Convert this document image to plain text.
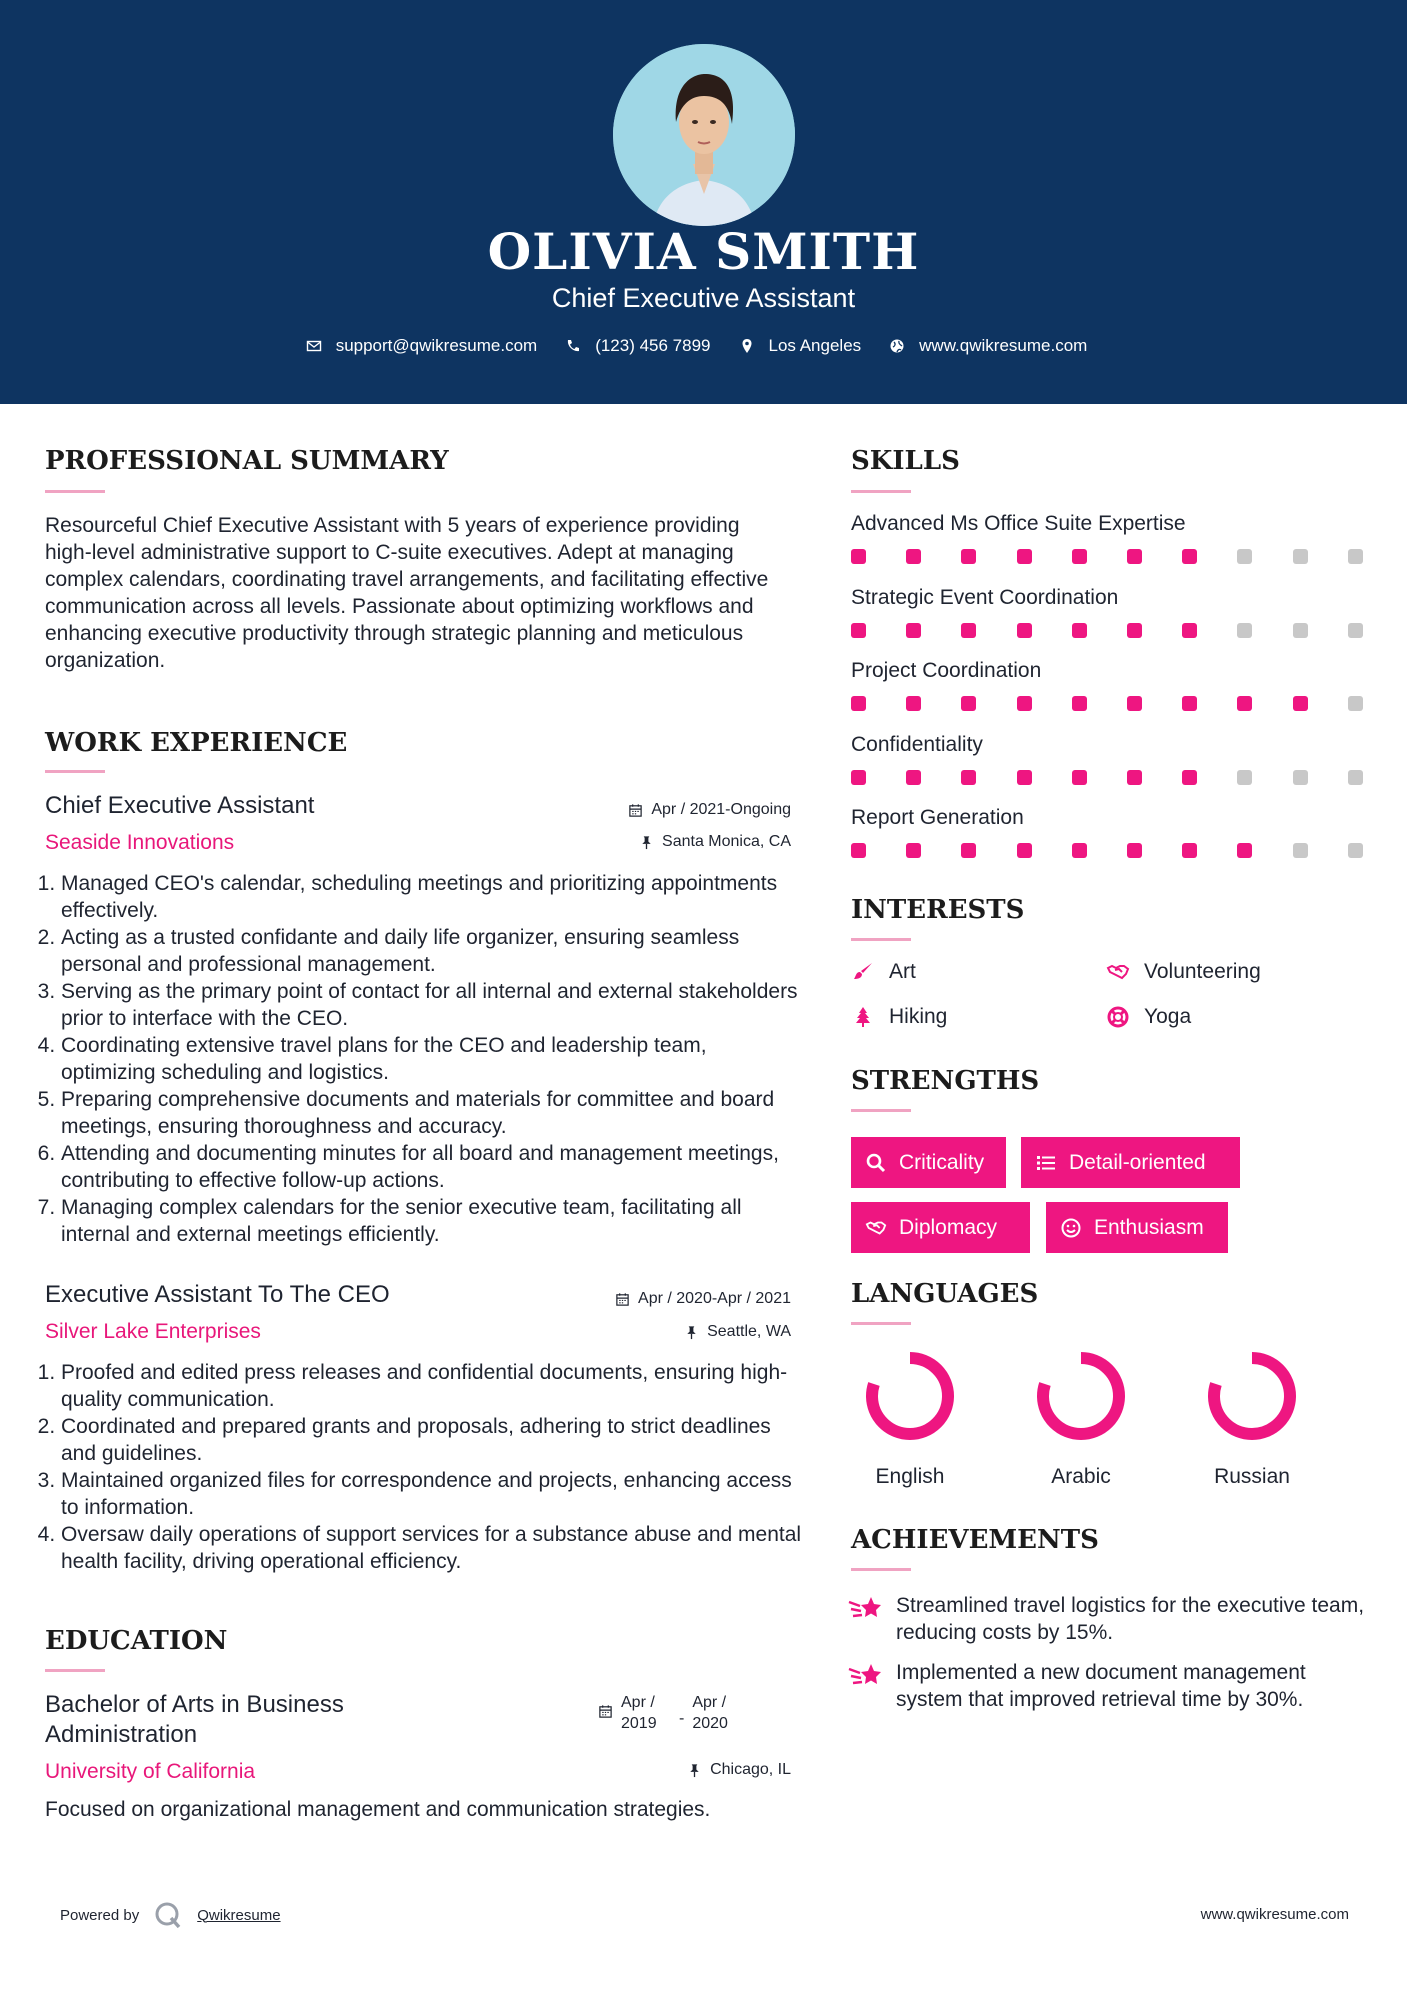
OLIVIA SMITH
Chief Executive Assistant
support@qwikresume.com	(123) 456 7899	Los Angeles	www.qwikresume.com
PROFESSIONAL SUMMARY
Resourceful Chief Executive Assistant with 5 years of experience providing high-level administrative support to C-suite executives. Adept at managing complex calendars, coordinating travel arrangements, and facilitating effective communication across all levels. Passionate about optimizing workflows and enhancing executive productivity through strategic planning and meticulous organization.
WORK EXPERIENCE
Chief Executive Assistant	Apr / 2021-Ongoing
Seaside Innovations	Santa Monica, CA
1. Managed CEO's calendar, scheduling meetings and prioritizing appointments effectively.
2. Acting as a trusted confidante and daily life organizer, ensuring seamless personal and professional management.
3. Serving as the primary point of contact for all internal and external stakeholders prior to interface with the CEO.
4. Coordinating extensive travel plans for the CEO and leadership team, optimizing scheduling and logistics.
5. Preparing comprehensive documents and materials for committee and board meetings, ensuring thoroughness and accuracy.
6. Attending and documenting minutes for all board and management meetings, contributing to effective follow-up actions.
7. Managing complex calendars for the senior executive team, facilitating all internal and external meetings efficiently.
Executive Assistant To The CEO	Apr / 2020-Apr / 2021
Silver Lake Enterprises	Seattle, WA
1. Proofed and edited press releases and confidential documents, ensuring high-quality communication.
2. Coordinated and prepared grants and proposals, adhering to strict deadlines and guidelines.
3. Maintained organized files for correspondence and projects, enhancing access to information.
4. Oversaw daily operations of support services for a substance abuse and mental health facility, driving operational efficiency.
EDUCATION
Bachelor of Arts in Business Administration
Apr / 2019	-
Apr / 2020
University of California	Chicago, IL
Focused on organizational management and communication strategies.
SKILLS
Advanced Ms Office Suite Expertise
Strategic Event Coordination
Project Coordination
Confidentiality
Report Generation
INTERESTS
Art	Volunteering
Hiking	Yoga
STRENGTHS
Criticality	Detail-oriented
Diplomacy	Enthusiasm
LANGUAGES
English	Arabic	Russian
ACHIEVEMENTS
Streamlined travel logistics for the executive team, reducing costs by 15%.
Implemented a new document management system that improved retrieval time by 30%.
Powered by	Qwikresume	www.qwikresume.com
